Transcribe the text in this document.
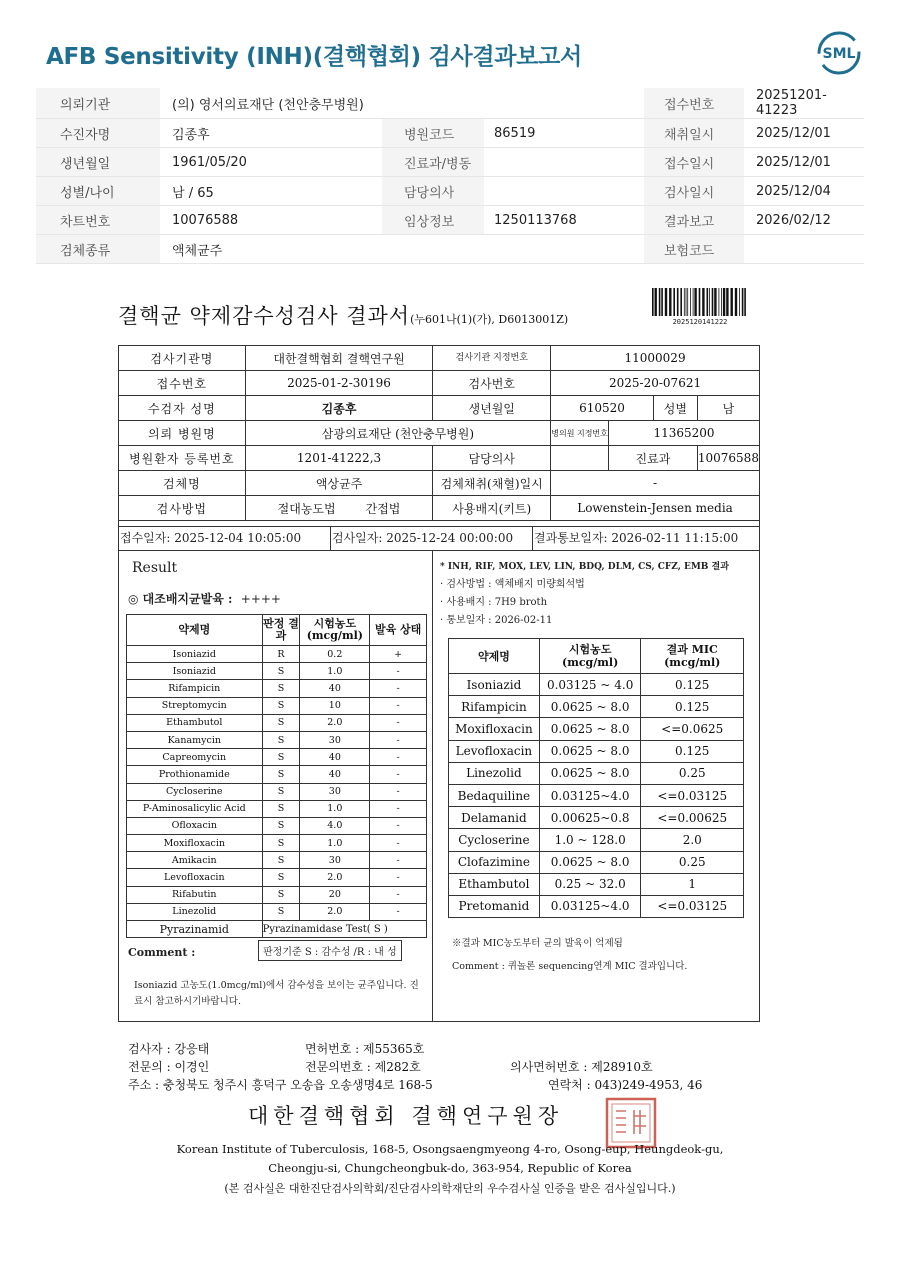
AFB Sensitivity (INH)(결핵협회) 검사결과보고서	SML
의뢰기관	(의) 영서의료재단 (천안충무병원)			접수번호	20251201-41223
수진자명	김종후	병원코드	86519	채취일시	2025/12/01
생년월일	1961/05/20	진료과/병동		접수일시	2025/12/01
성별/나이	남 / 65	담당의사		검사일시	2025/12/04
차트번호	10076588	임상정보	1250113768	결과보고	2026/02/12
검체종류	액체균주			보험코드	
결핵균 약제감수성검사 결과서(누601나(1)(가), D6013001Z)	2025120141222
검사기관명	대한결핵협회 결핵연구원	검사기관 지정번호	11000029			
접수번호	2025-01-2-30196	검사번호	2025-20-07621			
수검자 성명	김종후	생년월일	610520		성별	남
의뢰 병원명	삼광의료재단 (천안충무병원)		병의원 지정번호	11365200		
병원환자 등록번호	1201-41222,3	담당의사		진료과		10076588
검체명	액상균주	검체채취(채혈)일시	-			
검사방법	절대농도법 간접법	사용배지(키트)	Lowenstein-Jensen media			
접수일자: 2025-12-04 10:05:00	검사일자: 2025-12-24 00:00:00	결과통보일자: 2026-02-11 11:15:00
Result
◎ 대조배지균발육 : ++++
약제명	판정 결과	시험농도 (mcg/ml)	발육 상태
Isoniazid	R	0.2	+
Isoniazid	S	1.0	-
Rifampicin	S	40	-
Streptomycin	S	10	-
Ethambutol	S	2.0	-
Kanamycin	S	30	-
Capreomycin	S	40	-
Prothionamide	S	40	-
Cycloserine	S	30	-
P-Aminosalicylic Acid	S	1.0	-
Ofloxacin	S	4.0	-
Moxifloxacin	S	1.0	-
Amikacin	S	30	-
Levofloxacin	S	2.0	-
Rifabutin	S	20	-
Linezolid	S	2.0	-
Pyrazinamid	Pyrazinamidase Test( S )		
Comment :	판정기준 S : 감수성 /R : 내 성
Isoniazid 고농도(1.0mcg/ml)에서 감수성을 보이는 균주입니다. 진료시 참고하시기바랍니다.
* INH, RIF, MOX, LEV, LIN, BDQ, DLM, CS, CFZ, EMB 결과
· 검사방법 : 액체배지 미량희석법
· 사용배지 : 7H9 broth
· 통보일자 : 2026-02-11
약제명	시험농도 (mcg/ml)	결과 MIC (mcg/ml)
Isoniazid	0.03125 ~ 4.0	0.125
Rifampicin	0.0625 ~ 8.0	0.125
Moxifloxacin	0.0625 ~ 8.0	<=0.0625
Levofloxacin	0.0625 ~ 8.0	0.125
Linezolid	0.0625 ~ 8.0	0.25
Bedaquiline	0.03125~4.0	<=0.03125
Delamanid	0.00625~0.8	<=0.00625
Cycloserine	1.0 ~ 128.0	2.0
Clofazimine	0.0625 ~ 8.0	0.25
Ethambutol	0.25 ~ 32.0	1
Pretomanid	0.03125~4.0	<=0.03125
※결과 MIC농도부터 균의 발육이 억제됨
Comment : 퀴놀론 sequencing연계 MIC 결과입니다.
검사자 : 강응태	면허번호 : 제55365호
전문의 : 이경인	전문의번호 : 제282호	의사면허번호 : 제28910호
주소 : 충청북도 청주시 흥덕구 오송읍 오송생명4로 168-5	연락처 : 043)249-4953, 46
대한결핵협회 결핵연구원장
Korean Institute of Tuberculosis, 168-5, Osongsaengmyeong 4-ro, Osong-eup, Heungdeok-gu,
Cheongju-si, Chungcheongbuk-do, 363-954, Republic of Korea
(본 검사실은 대한진단검사의학회/진단검사의학재단의 우수검사실 인증을 받은 검사실입니다.)
